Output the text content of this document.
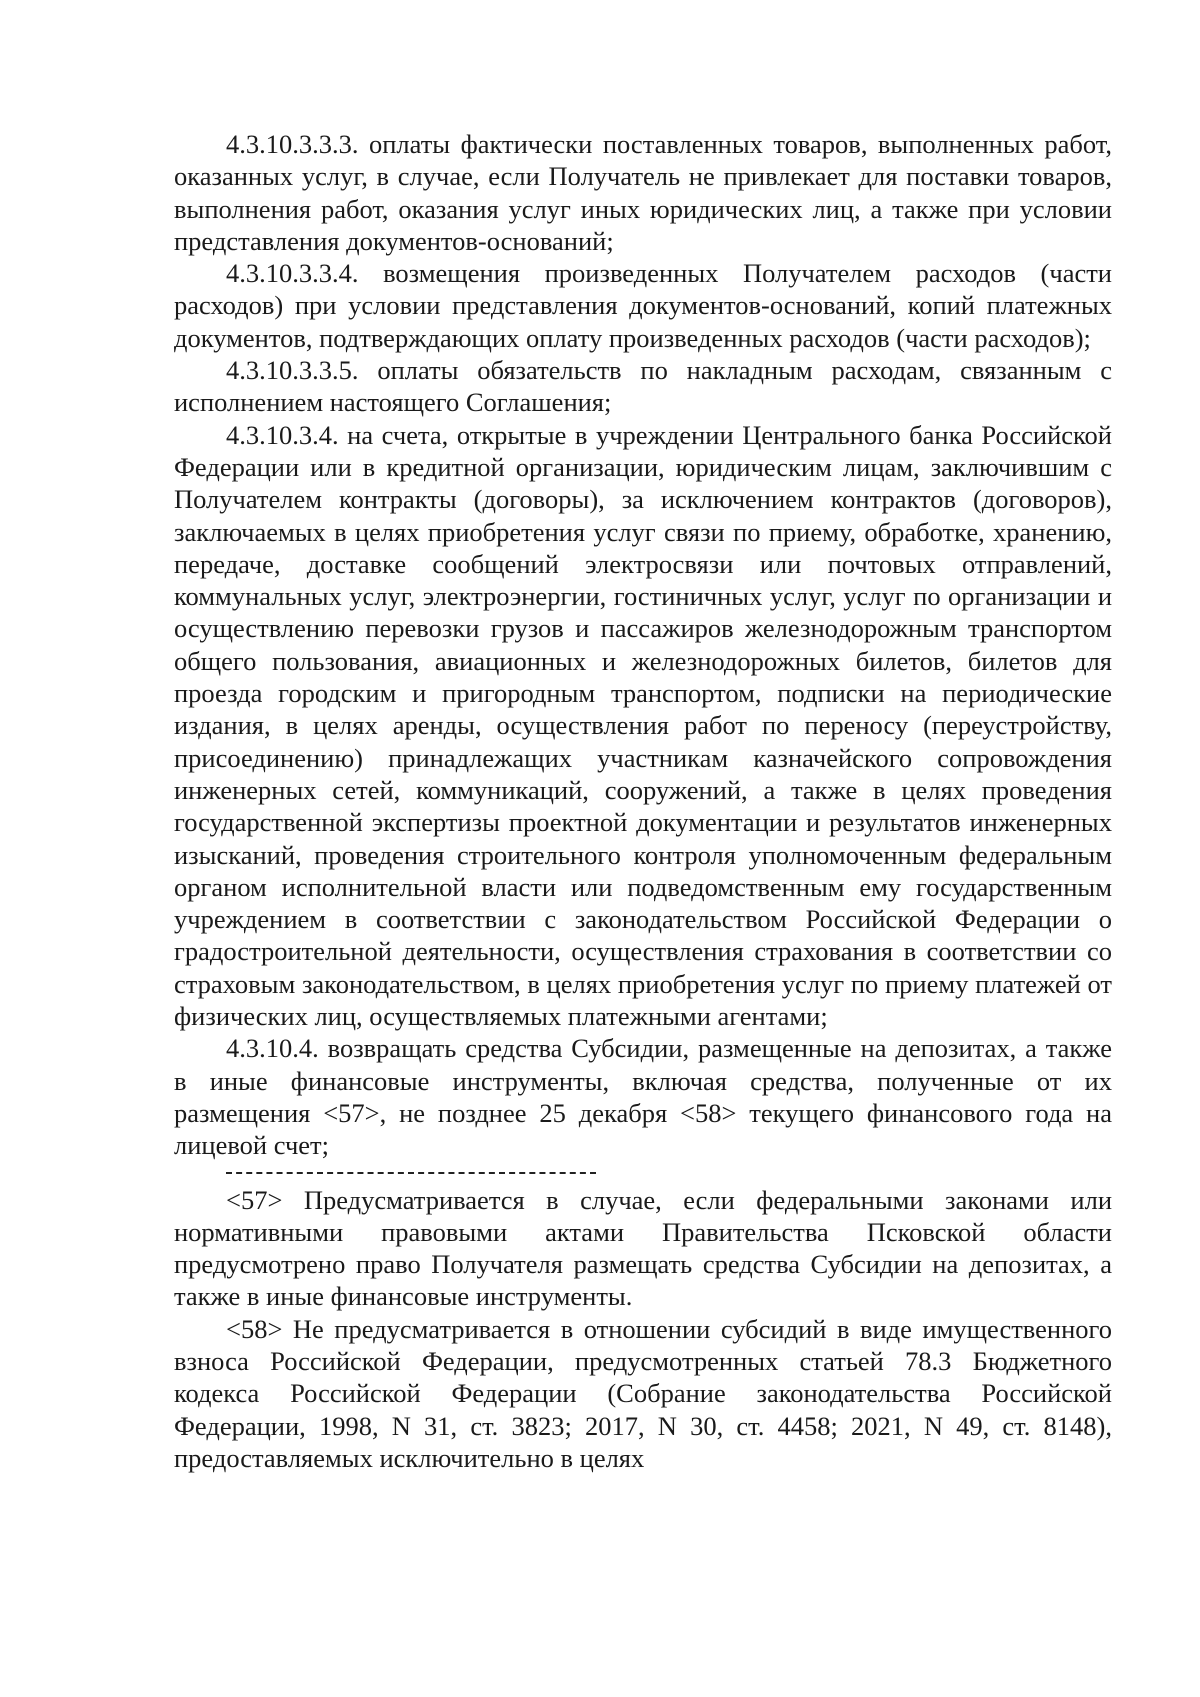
4.3.10.3.3.3. оплаты фактически поставленных товаров, выполненных работ, оказанных услуг, в случае, если Получатель не привлекает для поставки товаров, выполнения работ, оказания услуг иных юридических лиц, а также при условии представления документов-оснований;

4.3.10.3.3.4. возмещения произведенных Получателем расходов (части расходов) при условии представления документов-оснований, копий платежных документов, подтверждающих оплату произведенных расходов (части расходов);

4.3.10.3.3.5. оплаты обязательств по накладным расходам, связанным с исполнением настоящего Соглашения;

4.3.10.3.4. на счета, открытые в учреждении Центрального банка Российской Федерации или в кредитной организации, юридическим лицам, заключившим с Получателем контракты (договоры), за исключением контрактов (договоров), заключаемых в целях приобретения услуг связи по приему, обработке, хранению, передаче, доставке сообщений электросвязи или почтовых отправлений, коммунальных услуг, электроэнергии, гостиничных услуг, услуг по организации и осуществлению перевозки грузов и пассажиров железнодорожным транспортом общего пользования, авиационных и железнодорожных билетов, билетов для проезда городским и пригородным транспортом, подписки на периодические издания, в целях аренды, осуществления работ по переносу (переустройству, присоединению) принадлежащих участникам казначейского сопровождения инженерных сетей, коммуникаций, сооружений, а также в целях проведения государственной экспертизы проектной документации и результатов инженерных изысканий, проведения строительного контроля уполномоченным федеральным органом исполнительной власти или подведомственным ему государственным учреждением в соответствии с законодательством Российской Федерации о градостроительной деятельности, осуществления страхования в соответствии со страховым законодательством, в целях приобретения услуг по приему платежей от физических лиц, осуществляемых платежными агентами;

4.3.10.4. возвращать средства Субсидии, размещенные на депозитах, а также в иные финансовые инструменты, включая средства, полученные от их размещения <57>, не позднее 25 декабря <58> текущего финансового года на лицевой счет;

<57> Предусматривается в случае, если федеральными законами или нормативными правовыми актами Правительства Псковской области предусмотрено право Получателя размещать средства Субсидии на депозитах, а также в иные финансовые инструменты.

<58> Не предусматривается в отношении субсидий в виде имущественного взноса Российской Федерации, предусмотренных статьей 78.3 Бюджетного кодекса Российской Федерации (Собрание законодательства Российской Федерации, 1998, N 31, ст. 3823; 2017, N 30, ст. 4458; 2021, N 49, ст. 8148), предоставляемых исключительно в целях
